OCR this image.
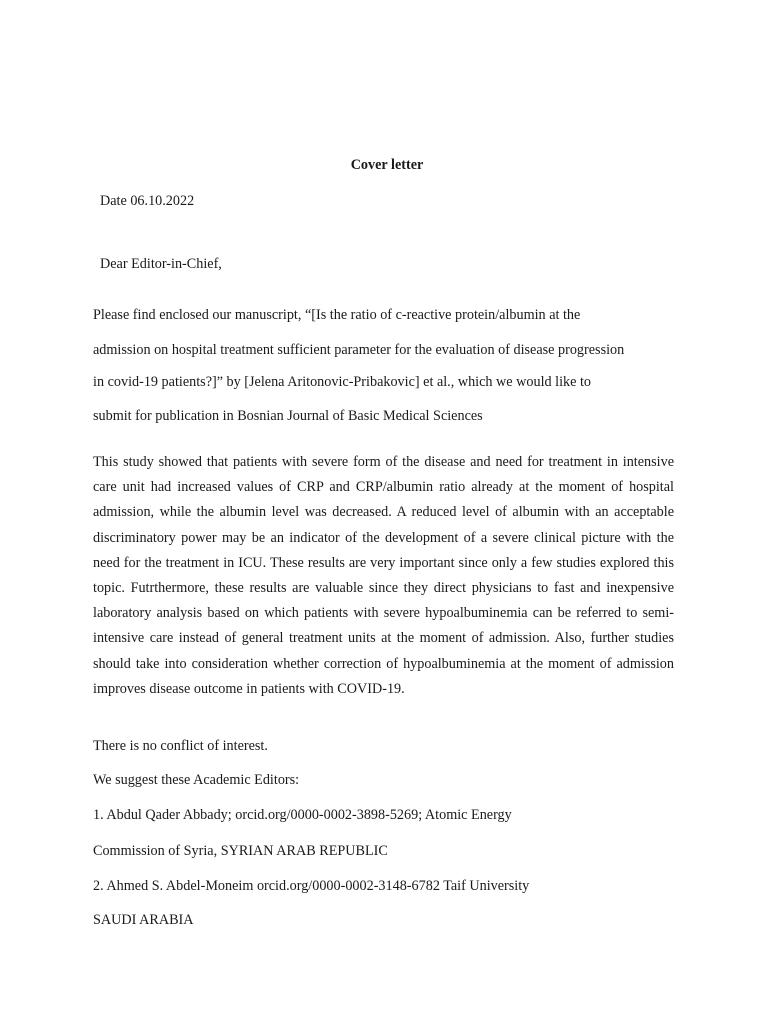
Cover letter
Date 06.10.2022
Dear Editor-in-Chief,
Please find enclosed our manuscript, “[Is the ratio of c-reactive protein/albumin at the
admission on hospital treatment sufficient parameter for the evaluation of disease progression
in covid-19 patients?]” by [Jelena Aritonovic-Pribakovic] et al., which we would like to
submit for publication in Bosnian Journal of Basic Medical Sciences
This study showed that patients with severe form of the disease and need for treatment in intensive care unit had increased values of CRP and CRP/albumin ratio already at the moment of hospital admission, while the albumin level was decreased. A reduced level of albumin with an acceptable discriminatory power may be an indicator of the development of a severe clinical picture with the need for the treatment in ICU. These results are very important since only a few studies explored this topic. Futrthermore, these results are valuable since they direct physicians to fast and inexpensive laboratory analysis based on which patients with severe hypoalbuminemia can be referred to semi-intensive care instead of general treatment units at the moment of admission. Also, further studies should take into consideration whether correction of hypoalbuminemia at the moment of admission improves disease outcome in patients with COVID-19.
There is no conflict of interest.
We suggest these Academic Editors:
1. Abdul Qader Abbady; orcid.org/0000-0002-3898-5269; Atomic Energy
Commission of Syria, SYRIAN ARAB REPUBLIC
2. Ahmed S. Abdel-Moneim orcid.org/0000-0002-3148-6782 Taif University
SAUDI ARABIA
